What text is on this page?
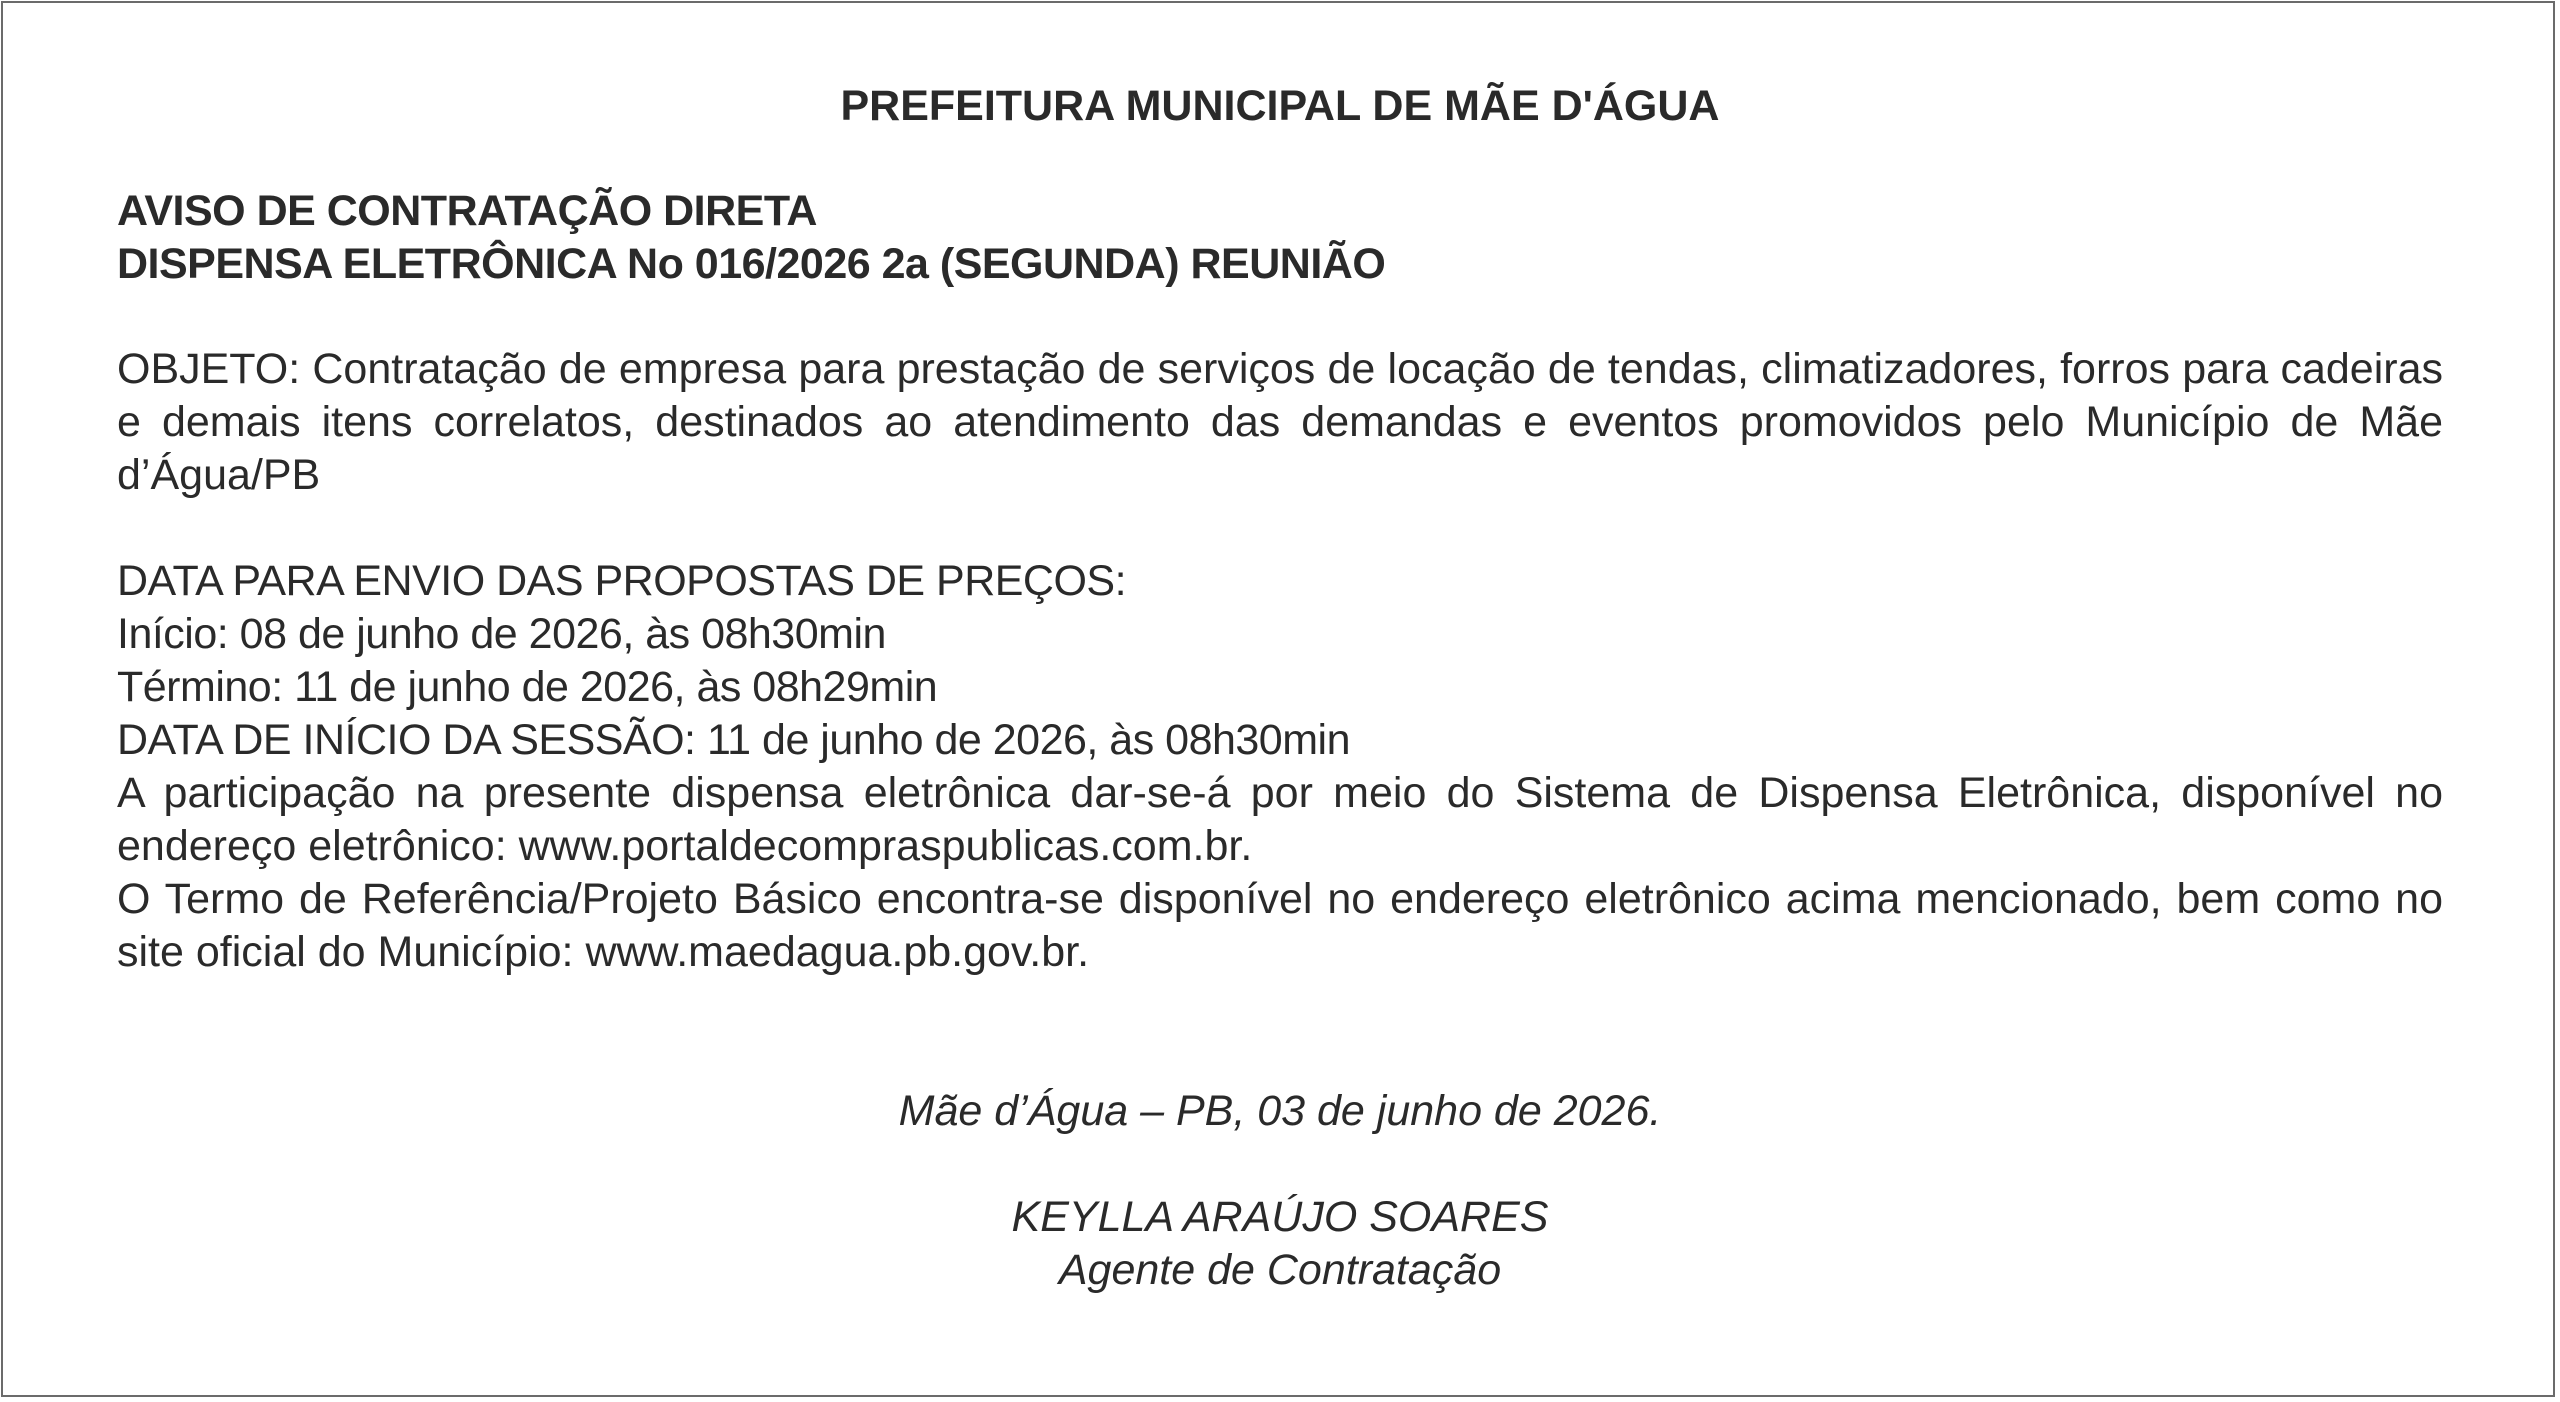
PREFEITURA MUNICIPAL DE MÃE D'ÁGUA
AVISO DE CONTRATAÇÃO DIRETA
DISPENSA ELETRÔNICA No 016/2026 2a (SEGUNDA) REUNIÃO
OBJETO: Contratação de empresa para prestação de serviços de locação de tendas, climatizadores, forros para cadeiras e demais itens correlatos, destinados ao atendimento das demandas e eventos promovidos pelo Município de Mãe d’Água/PB
DATA PARA ENVIO DAS PROPOSTAS DE PREÇOS:
Início: 08 de junho de 2026, às 08h30min
Término: 11 de junho de 2026, às 08h29min
DATA DE INÍCIO DA SESSÃO: 11 de junho de 2026, às 08h30min
A participação na presente dispensa eletrônica dar-se-á por meio do Sistema de Dispensa Eletrônica, disponível no endereço eletrônico: www.portaldecompraspublicas.com.br.
O Termo de Referência/Projeto Básico encontra-se disponível no endereço eletrônico acima mencionado, bem como no site oficial do Município: www.maedagua.pb.gov.br.
Mãe d’Água – PB, 03 de junho de 2026.
KEYLLA ARAÚJO SOARES
Agente de Contratação
